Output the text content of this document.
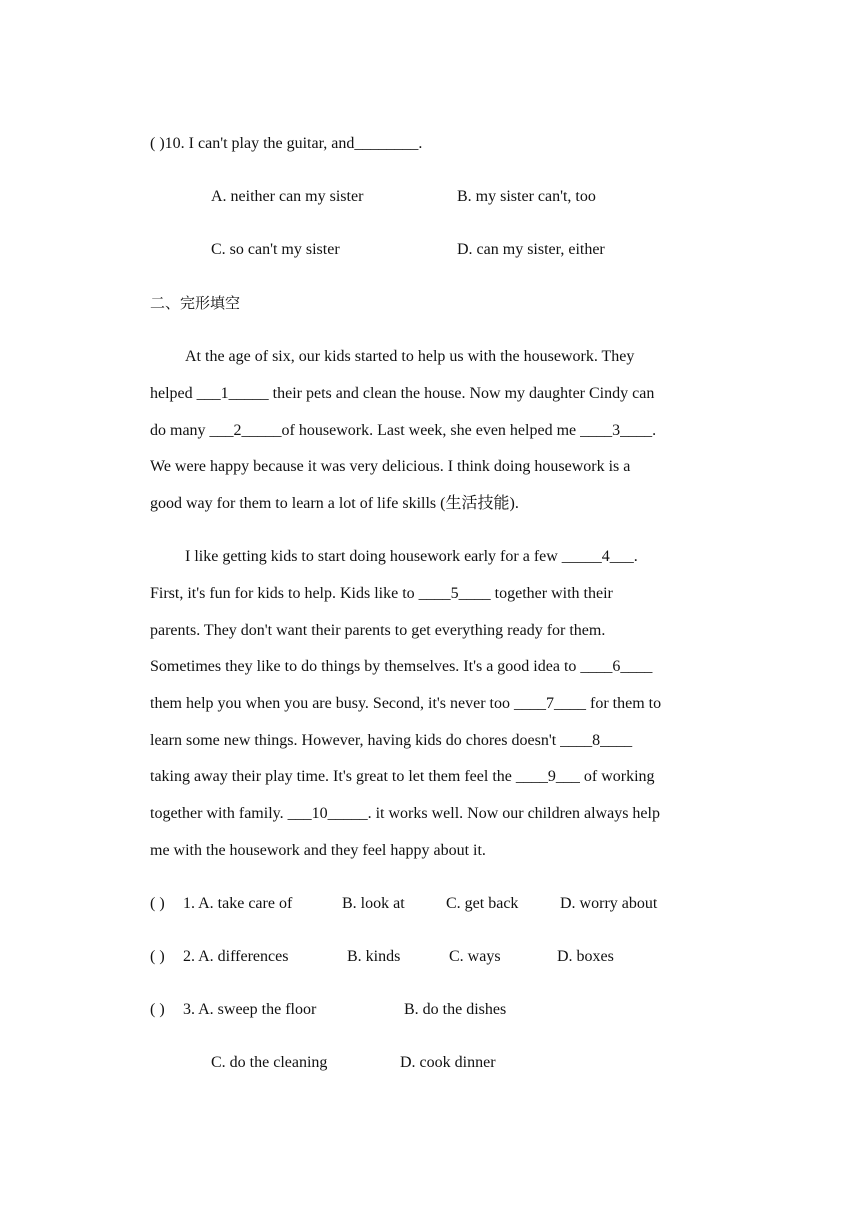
( )10. I can't play the guitar, and________.
A. neither can my sister	B. my sister can't, too
C. so can't my sister	D. can my sister, either
二、完形填空
At the age of six, our kids started to help us with the housework. They
helped ___1_____ their pets and clean the house. Now my daughter Cindy can
do many ___2_____of housework. Last week, she even helped me ____3____.
We were happy because it was very delicious. I think doing housework is a
good way for them to learn a lot of life skills (生活技能).
I like getting kids to start doing housework early for a few _____4___.
First, it's fun for kids to help. Kids like to ____5____ together with their
parents. They don't want their parents to get everything ready for them.
Sometimes they like to do things by themselves. It's a good idea to ____6____
them help you when you are busy. Second, it's never too ____7____ for them to
learn some new things. However, having kids do chores doesn't ____8____
taking away their play time. It's great to let them feel the ____9___ of working
together with family. ___10_____. it works well. Now our children always help
me with the housework and they feel happy about it.
( ) 1. A. take care of	B. look at	C. get back	D. worry about
( ) 2. A. differences	B. kinds	C. ways	D. boxes
( ) 3. A. sweep the floor	B. do the dishes
C. do the cleaning	D. cook dinner
